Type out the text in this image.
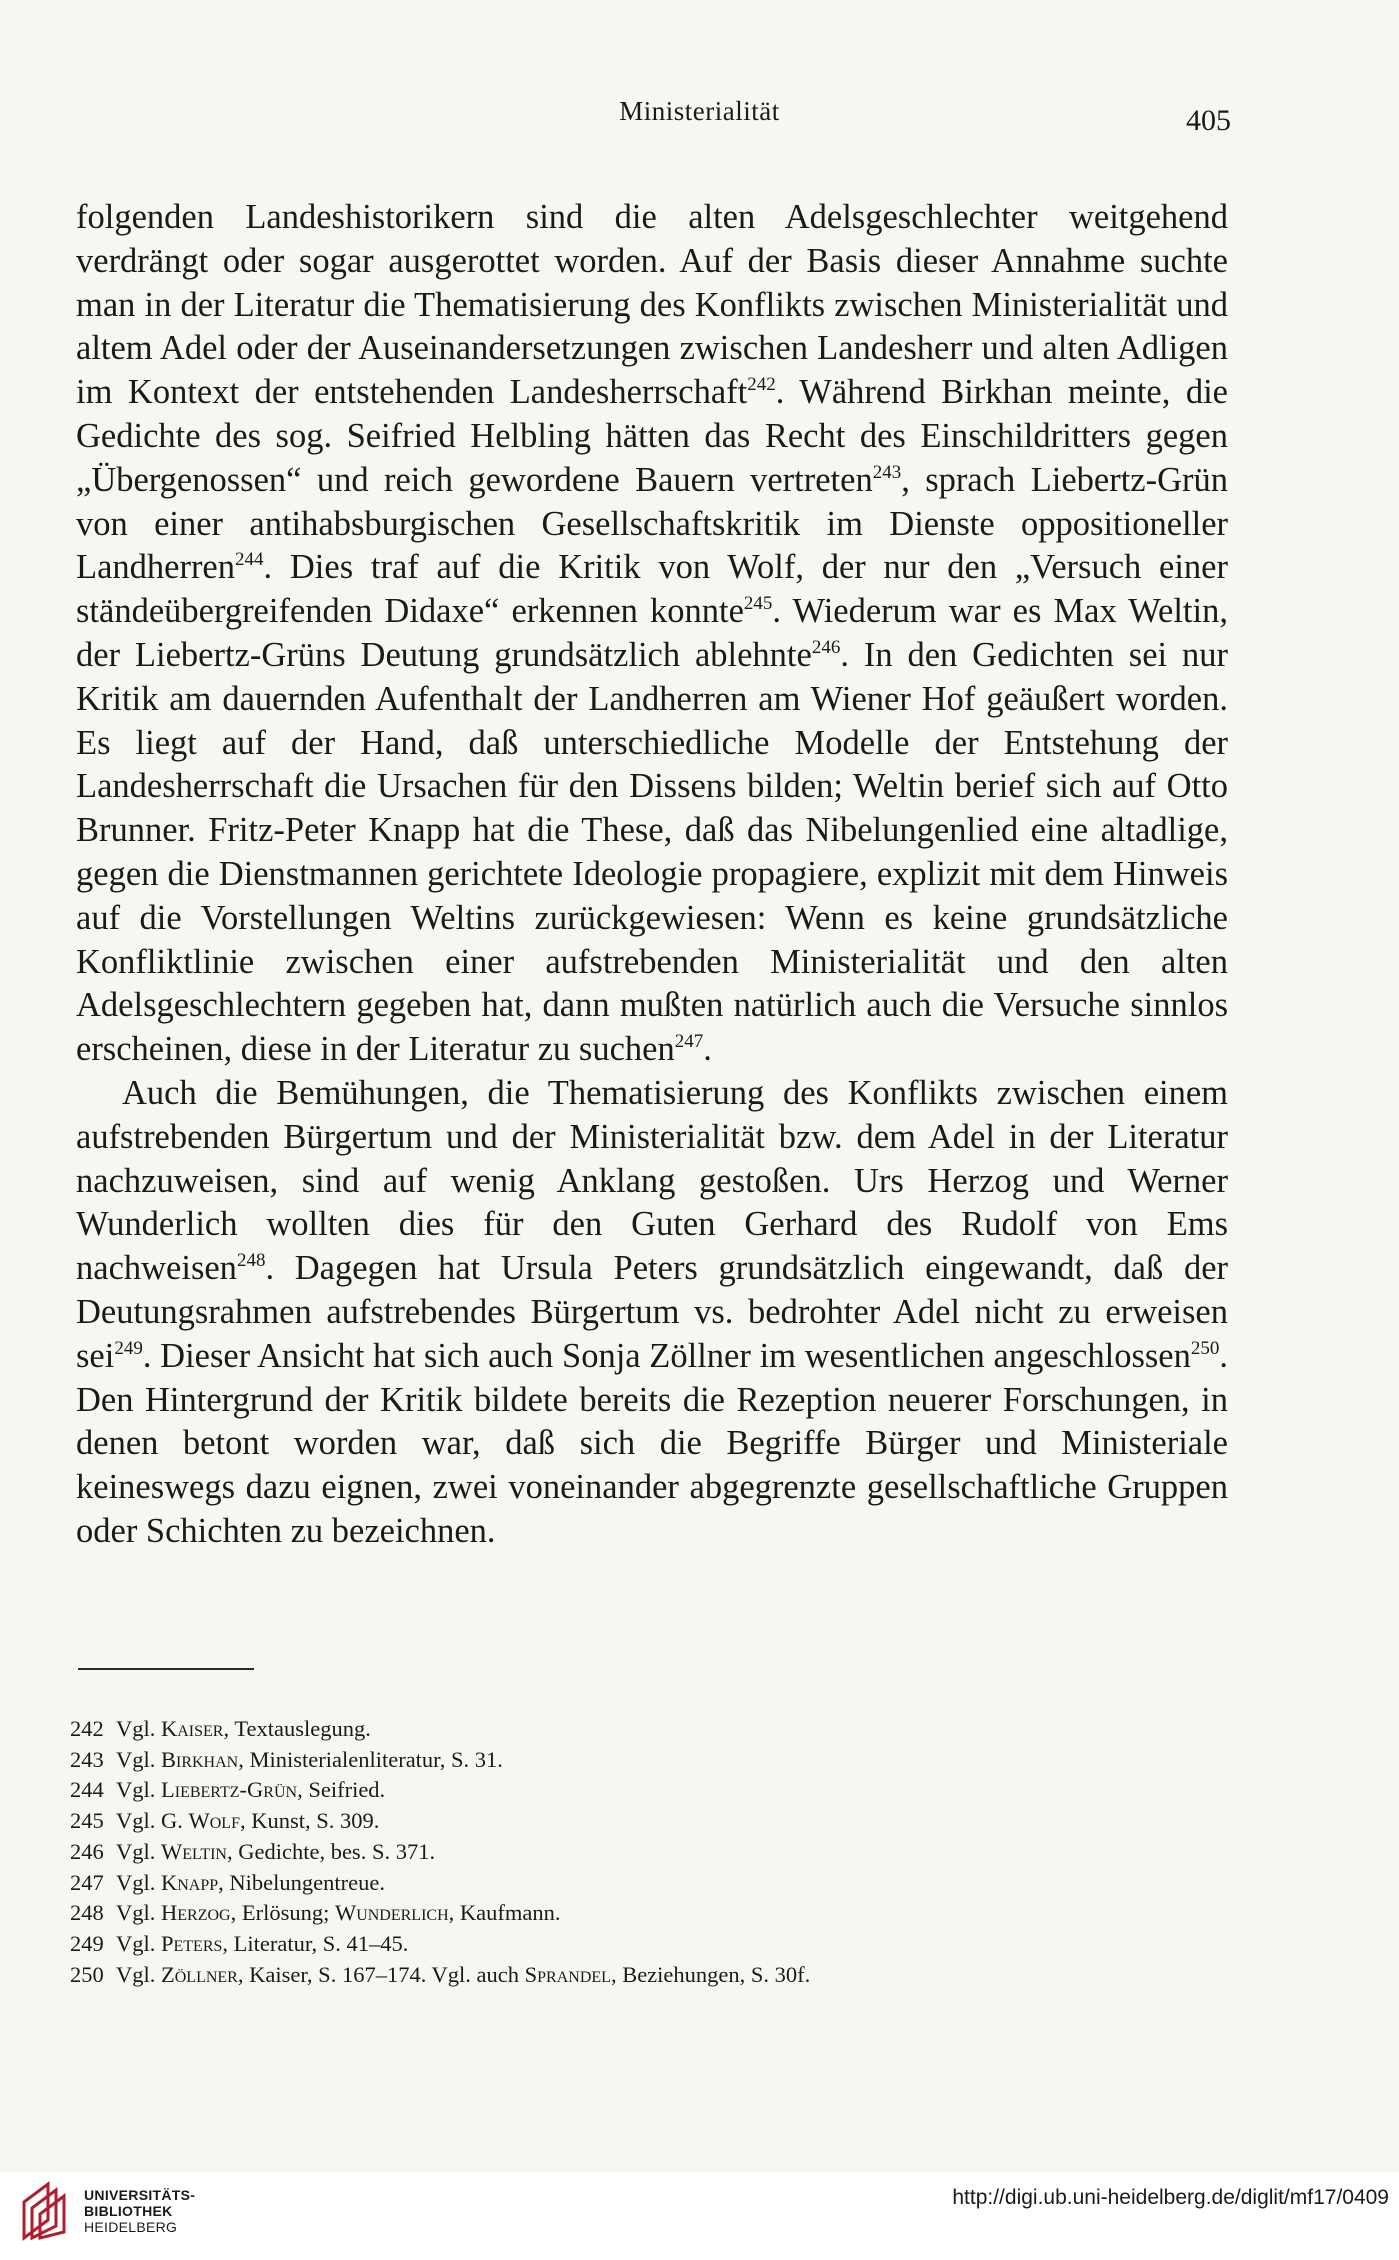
Ministerialität	405

folgenden Landeshistorikern sind die alten Adelsgeschlechter weitgehend verdrängt oder sogar ausgerottet worden. Auf der Basis dieser Annahme suchte man in der Literatur die Thematisierung des Konflikts zwischen Ministerialität und altem Adel oder der Auseinandersetzungen zwischen Landesherr und alten Adligen im Kontext der entstehenden Landesherrschaft$^{242}$. Während Birkhan meinte, die Gedichte des sog. Seifried Helbling hätten das Recht des Einschildritters gegen „Übergenossen“ und reich gewordene Bauern vertreten$^{243}$, sprach Liebertz-Grün von einer antihabsburgischen Gesellschaftskritik im Dienste oppositioneller Landherren$^{244}$. Dies traf auf die Kritik von Wolf, der nur den „Versuch einer ständeübergreifenden Didaxe“ erkennen konnte$^{245}$. Wiederum war es Max Weltin, der Liebertz-Grüns Deutung grundsätzlich ablehnte$^{246}$. In den Gedichten sei nur Kritik am dauernden Aufenthalt der Landherren am Wiener Hof geäußert worden. Es liegt auf der Hand, daß unterschiedliche Modelle der Entstehung der Landesherrschaft die Ursachen für den Dissens bilden; Weltin berief sich auf Otto Brunner. Fritz-Peter Knapp hat die These, daß das Nibelungenlied eine altadlige, gegen die Dienstmannen gerichtete Ideologie propagiere, explizit mit dem Hinweis auf die Vorstellungen Weltins zurückgewiesen: Wenn es keine grundsätzliche Konfliktlinie zwischen einer aufstrebenden Ministerialität und den alten Adelsgeschlechtern gegeben hat, dann mußten natürlich auch die Versuche sinnlos erscheinen, diese in der Literatur zu suchen$^{247}$.

Auch die Bemühungen, die Thematisierung des Konflikts zwischen einem aufstrebenden Bürgertum und der Ministerialität bzw. dem Adel in der Literatur nachzuweisen, sind auf wenig Anklang gestoßen. Urs Herzog und Werner Wunderlich wollten dies für den Guten Gerhard des Rudolf von Ems nachweisen$^{248}$. Dagegen hat Ursula Peters grundsätzlich eingewandt, daß der Deutungsrahmen aufstrebendes Bürgertum vs. bedrohter Adel nicht zu erweisen sei$^{249}$. Dieser Ansicht hat sich auch Sonja Zöllner im wesentlichen angeschlossen$^{250}$. Den Hintergrund der Kritik bildete bereits die Rezeption neuerer Forschungen, in denen betont worden war, daß sich die Begriffe Bürger und Ministeriale keineswegs dazu eignen, zwei voneinander abgegrenzte gesellschaftliche Gruppen oder Schichten zu bezeichnen.

242 Vgl. Kaiser, Textauslegung.
243 Vgl. Birkhan, Ministerialenliteratur, S. 31.
244 Vgl. Liebertz-Grün, Seifried.
245 Vgl. G. Wolf, Kunst, S. 309.
246 Vgl. Weltin, Gedichte, bes. S. 371.
247 Vgl. Knapp, Nibelungentreue.
248 Vgl. Herzog, Erlösung; Wunderlich, Kaufmann.
249 Vgl. Peters, Literatur, S. 41–45.
250 Vgl. Zöllner, Kaiser, S. 167–174. Vgl. auch Sprandel, Beziehungen, S. 30f.
UNIVERSITÄTS-
BIBLIOTHEK
HEIDELBERG
http://digi.ub.uni-heidelberg.de/diglit/mf17/0409
